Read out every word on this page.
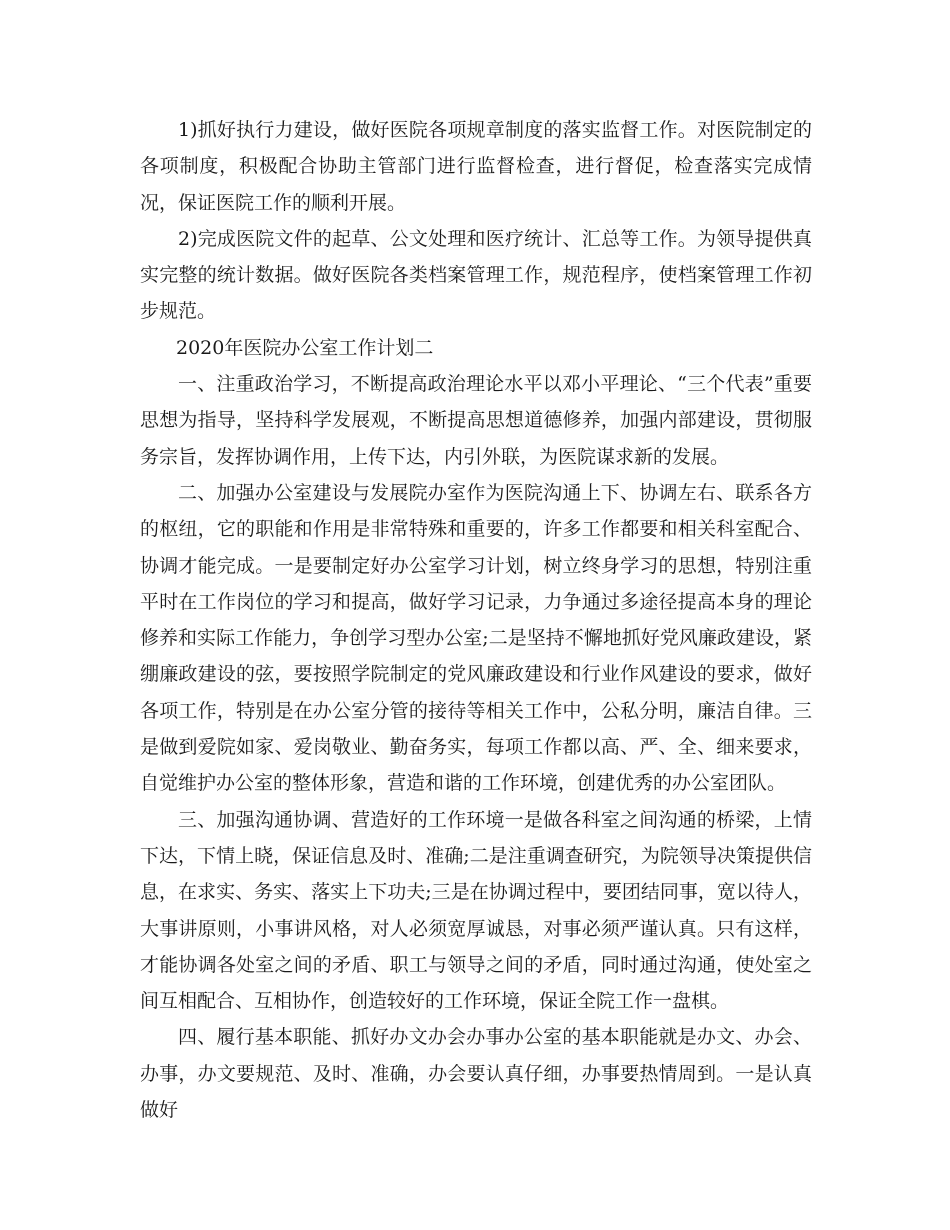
1)抓好执行力建设，做好医院各项规章制度的落实监督工作。对医院制定的各项制度，积极配合协助主管部门进行监督检查，进行督促，检查落实完成情况，保证医院工作的顺利开展。

2)完成医院文件的起草、公文处理和医疗统计、汇总等工作。为领导提供真实完整的统计数据。做好医院各类档案管理工作，规范程序，使档案管理工作初步规范。

2020年医院办公室工作计划二

一、注重政治学习，不断提高政治理论水平以邓小平理论、“三个代表”重要思想为指导，坚持科学发展观，不断提高思想道德修养，加强内部建设，贯彻服务宗旨，发挥协调作用，上传下达，内引外联，为医院谋求新的发展。

二、加强办公室建设与发展院办室作为医院沟通上下、协调左右、联系各方的枢纽，它的职能和作用是非常特殊和重要的，许多工作都要和相关科室配合、协调才能完成。一是要制定好办公室学习计划，树立终身学习的思想，特别注重平时在工作岗位的学习和提高，做好学习记录，力争通过多途径提高本身的理论修养和实际工作能力，争创学习型办公室;二是坚持不懈地抓好党风廉政建设，紧绷廉政建设的弦，要按照学院制定的党风廉政建设和行业作风建设的要求，做好各项工作，特别是在办公室分管的接待等相关工作中，公私分明，廉洁自律。三是做到爱院如家、爱岗敬业、勤奋务实，每项工作都以高、严、全、细来要求，自觉维护办公室的整体形象，营造和谐的工作环境，创建优秀的办公室团队。

三、加强沟通协调、营造好的工作环境一是做各科室之间沟通的桥梁，上情下达，下情上晓，保证信息及时、准确;二是注重调查研究，为院领导决策提供信息，在求实、务实、落实上下功夫;三是在协调过程中，要团结同事，宽以待人，大事讲原则，小事讲风格，对人必须宽厚诚恳，对事必须严谨认真。只有这样，才能协调各处室之间的矛盾、职工与领导之间的矛盾，同时通过沟通，使处室之间互相配合、互相协作，创造较好的工作环境，保证全院工作一盘棋。

四、履行基本职能、抓好办文办会办事办公室的基本职能就是办文、办会、办事，办文要规范、及时、准确，办会要认真仔细，办事要热情周到。一是认真做好
